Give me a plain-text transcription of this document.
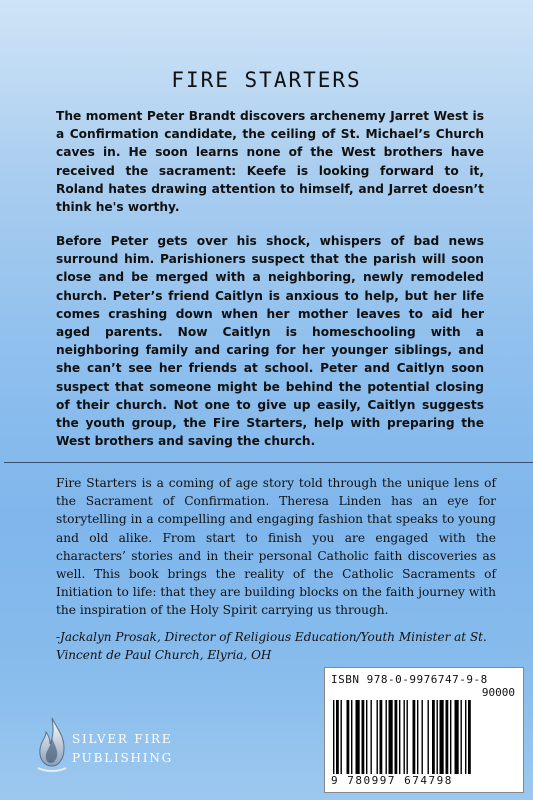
FIRE STARTERS

The moment Peter Brandt discovers archenemy Jarret West is a Confirmation candidate, the ceiling of St. Michael’s Church caves in. He soon learns none of the West brothers have received the sacrament: Keefe is looking forward to it, Roland hates drawing attention to himself, and Jarret doesn’t think he's worthy.

Before Peter gets over his shock, whispers of bad news surround him. Parishioners suspect that the parish will soon close and be merged with a neighboring, newly remodeled church. Peter’s friend Caitlyn is anxious to help, but her life comes crashing down when her mother leaves to aid her aged parents. Now Caitlyn is homeschooling with a neighboring family and caring for her younger siblings, and she can’t see her friends at school. Peter and Caitlyn soon suspect that someone might be behind the potential closing of their church. Not one to give up easily, Caitlyn suggests the youth group, the Fire Starters, help with preparing the West brothers and saving the church.

Fire Starters is a coming of age story told through the unique lens of the Sacrament of Confirmation. Theresa Linden has an eye for storytelling in a compelling and engaging fashion that speaks to young and old alike. From start to finish you are engaged with the characters’ stories and in their personal Catholic faith discoveries as well. This book brings the reality of the Catholic Sacraments of Initiation to life: that they are building blocks on the faith journey with the inspiration of the Holy Spirit carrying us through.

-Jackalyn Prosak, Director of Religious Education/Youth Minister at St. Vincent de Paul Church, Elyria, OH

SILVER FIRE
PUBLISHING
ISBN 978-0-9976747-9-8
90000
9 780997 674798
